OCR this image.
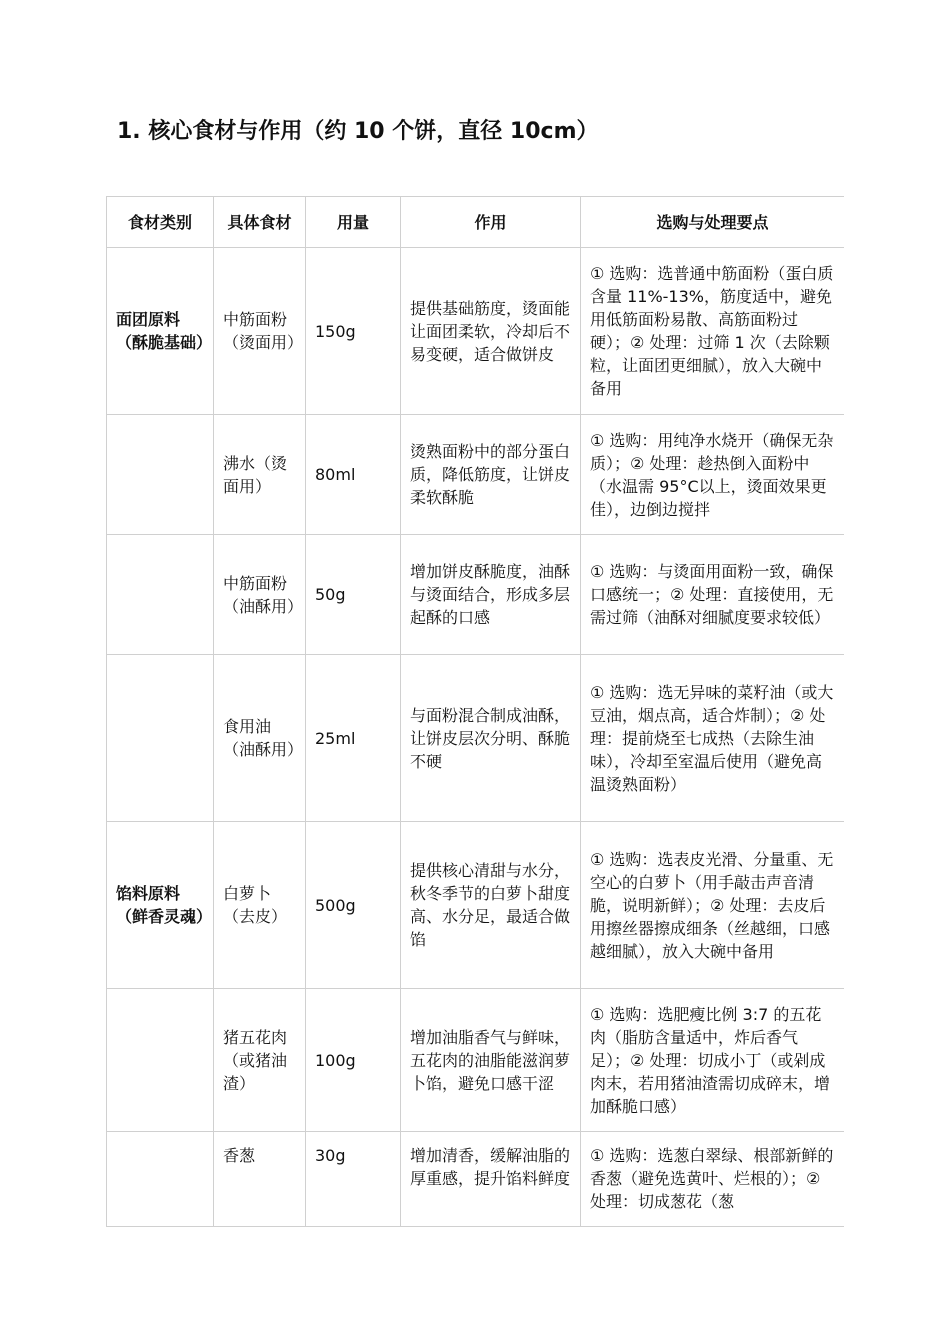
1. 核心食材与作用（约 10 个饼，直径 10cm）
食材类别	具体食材	用量	作用	选购与处理要点
面团原料（酥脆基础）	中筋面粉（烫面用）	150g	提供基础筋度，烫面能让面团柔软，冷却后不易变硬，适合做饼皮	① 选购：选普通中筋面粉（蛋白质含量 11%-13%，筋度适中，避免用低筋面粉易散、高筋面粉过硬）；② 处理：过筛 1 次（去除颗粒，让面团更细腻），放入大碗中备用
	沸水（烫面用）	80ml	烫熟面粉中的部分蛋白质，降低筋度，让饼皮柔软酥脆	① 选购：用纯净水烧开（确保无杂质）；② 处理：趁热倒入面粉中（水温需 95°C以上，烫面效果更佳），边倒边搅拌
	中筋面粉（油酥用）	50g	增加饼皮酥脆度，油酥与烫面结合，形成多层起酥的口感	① 选购：与烫面用面粉一致，确保口感统一；② 处理：直接使用，无需过筛（油酥对细腻度要求较低）
	食用油（油酥用）	25ml	与面粉混合制成油酥，让饼皮层次分明、酥脆不硬	① 选购：选无异味的菜籽油（或大豆油，烟点高，适合炸制）；② 处理：提前烧至七成热（去除生油味），冷却至室温后使用（避免高温烫熟面粉）
馅料原料（鲜香灵魂）	白萝卜（去皮）	500g	提供核心清甜与水分，秋冬季节的白萝卜甜度高、水分足，最适合做馅	① 选购：选表皮光滑、分量重、无空心的白萝卜（用手敲击声音清脆，说明新鲜）；② 处理：去皮后用擦丝器擦成细条（丝越细，口感越细腻），放入大碗中备用
	猪五花肉（或猪油渣）	100g	增加油脂香气与鲜味，五花肉的油脂能滋润萝卜馅，避免口感干涩	① 选购：选肥瘦比例 3:7 的五花肉（脂肪含量适中，炸后香气足）；② 处理：切成小丁（或剁成肉末，若用猪油渣需切成碎末，增加酥脆口感）
	香葱	30g	增加清香，缓解油脂的厚重感，提升馅料鲜度	① 选购：选葱白翠绿、根部新鲜的香葱（避免选黄叶、烂根的）；② 处理：切成葱花（葱
